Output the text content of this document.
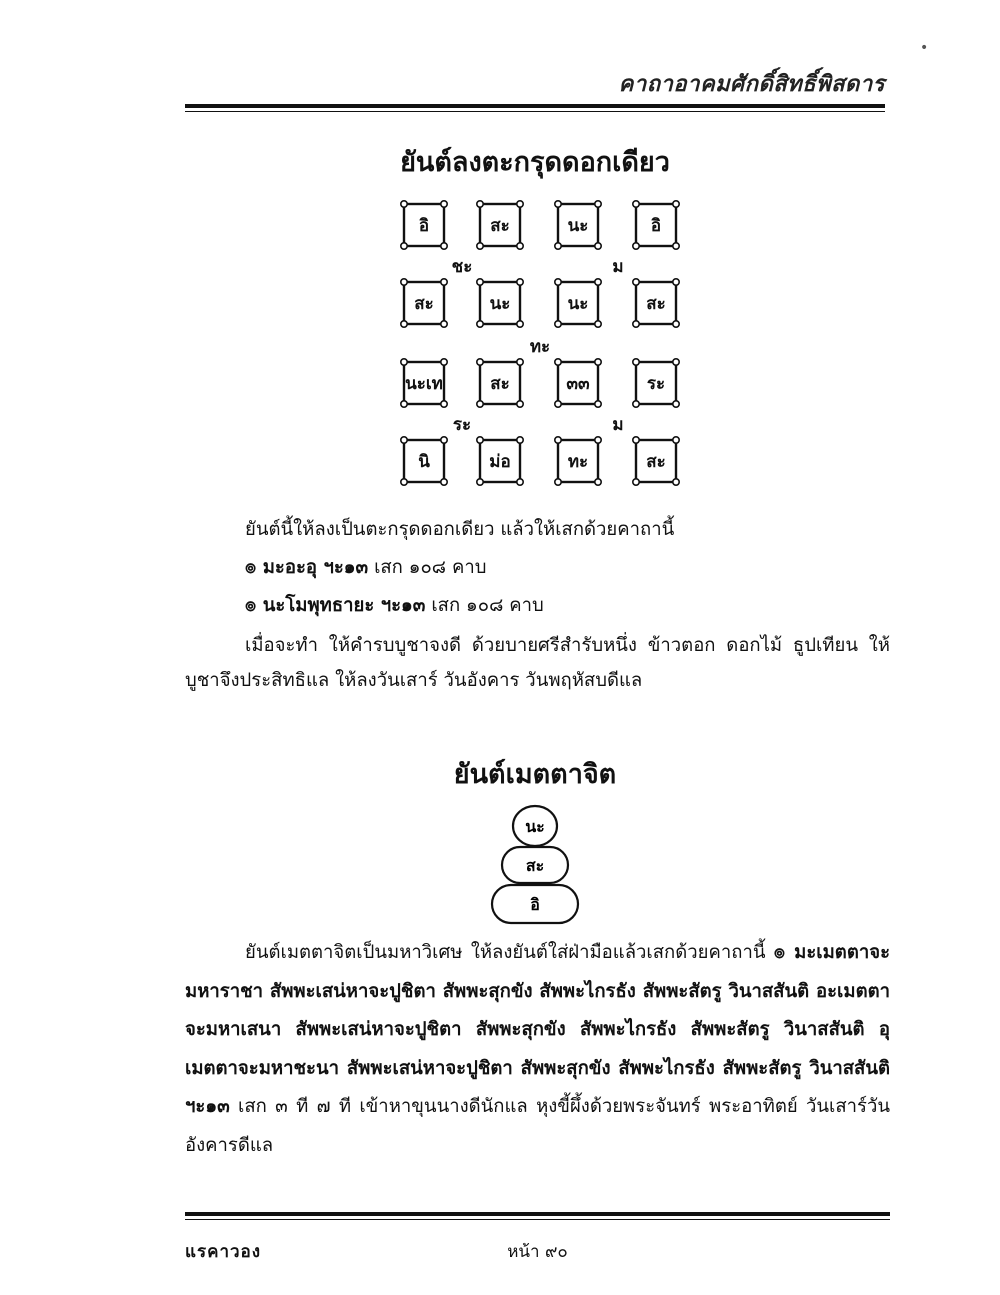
•
คาถาอาคมศักดิ์สิทธิ์พิสดาร
ยันต์ลงตะกรุดดอกเดียว
อิ	สะ	นะ	อิ
สะ	นะ	นะ	สะ
นะเท	สะ	๓๓	ระ
นิ	ม่อ	ทะ	สะ
ชะ	ม
ทะ
ระ	ม
ยันต์นี้ให้ลงเป็นตะกรุดดอกเดียว แล้วให้เสกด้วยคาถานี้
๏ มะอะอุ ฯะ๑๓ เสก ๑๐๘ คาบ
๏ นะโมพุทธายะ ฯะ๑๓ เสก ๑๐๘ คาบ
เมื่อจะทำ ให้คำรบบูชาจงดี ด้วยบายศรีสำรับหนึ่ง ข้าวตอก ดอกไม้ ธูปเทียน ให้บูชาจึงประสิทธิแล ให้ลงวันเสาร์ วันอังคาร วันพฤหัสบดีแล
ยันต์เมตตาจิต
นะ
สะ
อิ
ยันต์เมตตาจิตเป็นมหาวิเศษ ให้ลงยันต์ใส่ฝ่ามือแล้วเสกด้วยคาถานี้ ๏ มะเมตตาจะมหาราชา สัพพะเสน่หาจะปูชิตา สัพพะสุกขัง สัพพะไกรธัง สัพพะสัตรู วินาสสันติ อะเมตตาจะมหาเสนา สัพพะเสน่หาจะปูชิตา สัพพะสุกขัง สัพพะไกรธัง สัพพะสัตรู วินาสสันติ อุเมตตาจะมหาชะนา สัพพะเสน่หาจะปูชิตา สัพพะสุกขัง สัพพะไกรธัง สัพพะสัตรู วินาสสันติ ฯะ๑๓ เสก ๓ ที ๗ ที เข้าหาขุนนางดีนักแล หุงขี้ผึ้งด้วยพระจันทร์ พระอาทิตย์ วันเสาร์วันอังคารดีแล
แรคาวอง	หน้า ๙๐
